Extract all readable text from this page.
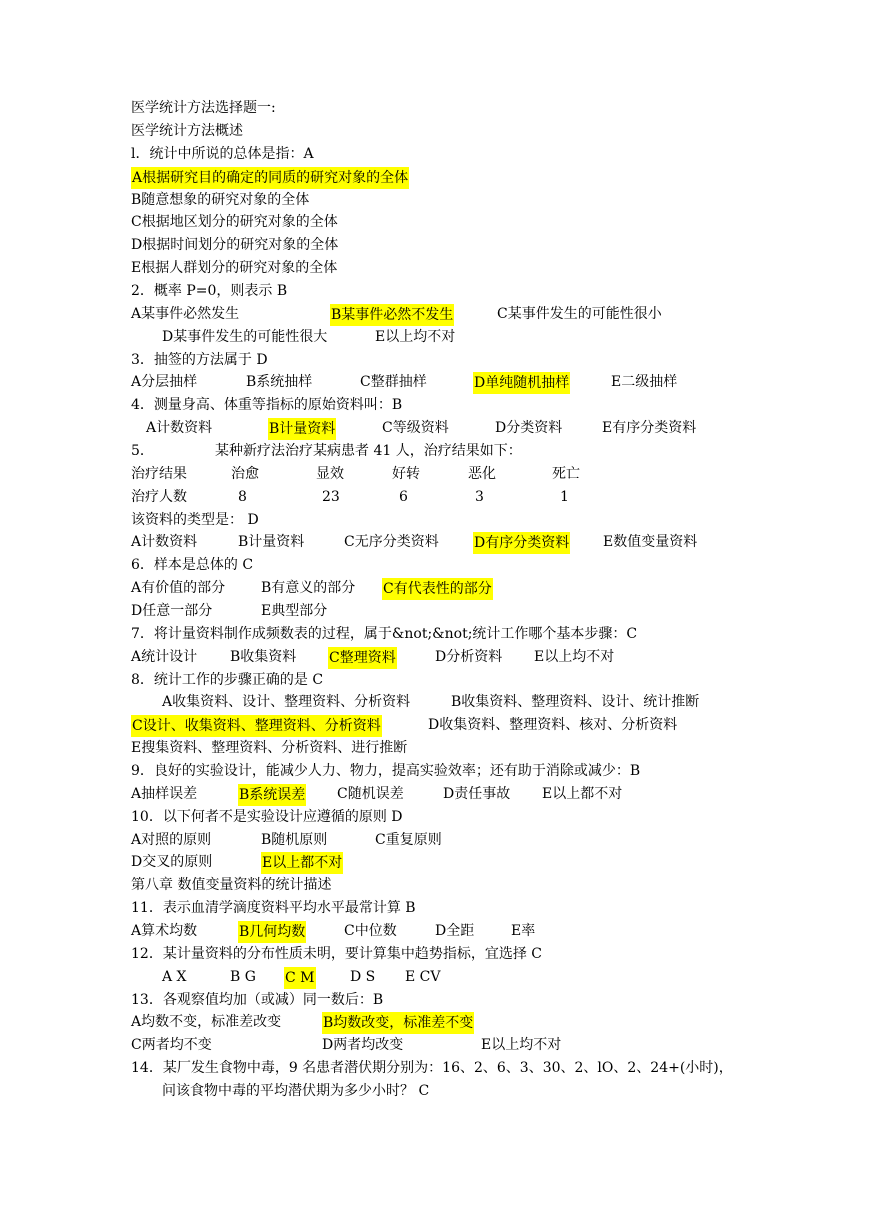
医学统计方法选择题一:
医学统计方法概述
l．统计中所说的总体是指：A
A根据研究目的确定的同质的研究对象的全体
B随意想象的研究对象的全体
C根据地区划分的研究对象的全体
D根据时间划分的研究对象的全体
E根据人群划分的研究对象的全体
2．概率 P=0，则表示 B
A某事件必然发生	B某事件必然不发生	C某事件发生的可能性很小
D某事件发生的可能性很大	E以上均不对
3．抽签的方法属于 D
A分层抽样	B系统抽样	C整群抽样	D单纯随机抽样	E二级抽样
4．测量身高、体重等指标的原始资料叫：B
A计数资料	B计量资料	C等级资料	D分类资料	E有序分类资料
5．	某种新疗法治疗某病患者 41 人，治疗结果如下：
治疗结果	治愈	显效	好转	恶化	死亡
治疗人数	8	23	6	3	1
该资料的类型是： D
A计数资料	B计量资料	C无序分类资料	D有序分类资料 E数值变量资料
6．样本是总体的 C
A有价值的部分	B有意义的部分 C有代表性的部分
D任意一部分	E典型部分
7．将计量资料制作成频数表的过程，属于&not;&not;统计工作哪个基本步骤：C
A统计设计 B收集资料 C整理资料	D分析资料 E以上均不对
8．统计工作的步骤正确的是 C
A收集资料、设计、整理资料、分析资料	B收集资料、整理资料、设计、统计推断
C设计、收集资料、整理资料、分析资料	D收集资料、整理资料、核对、分析资料
E搜集资料、整理资料、分析资料、进行推断
9．良好的实验设计，能减少人力、物力，提高实验效率；还有助于消除或减少：B
A抽样误差	B系统误差 C随机误差	D责任事故 E以上都不对
10．以下何者不是实验设计应遵循的原则 D
A对照的原则	B随机原则	C重复原则
D交叉的原则	E以上都不对
第八章 数值变量资料的统计描述
11．表示血清学滴度资料平均水平最常计算 B
A算术均数	B几何均数	C中位数	D全距	E率
12．某计量资料的分布性质未明，要计算集中趋势指标，宜选择 C
A X	B G C M	D S E CV
13．各观察值均加（或减）同一数后：B
A均数不变，标准差改变	B均数改变，标准差不变
C两者均不变	D两者均改变	E以上均不对
14．某厂发生食物中毒，9 名患者潜伏期分别为：16、2、6、3、30、2、lO、2、24+(小时)，
问该食物中毒的平均潜伏期为多少小时？ C
